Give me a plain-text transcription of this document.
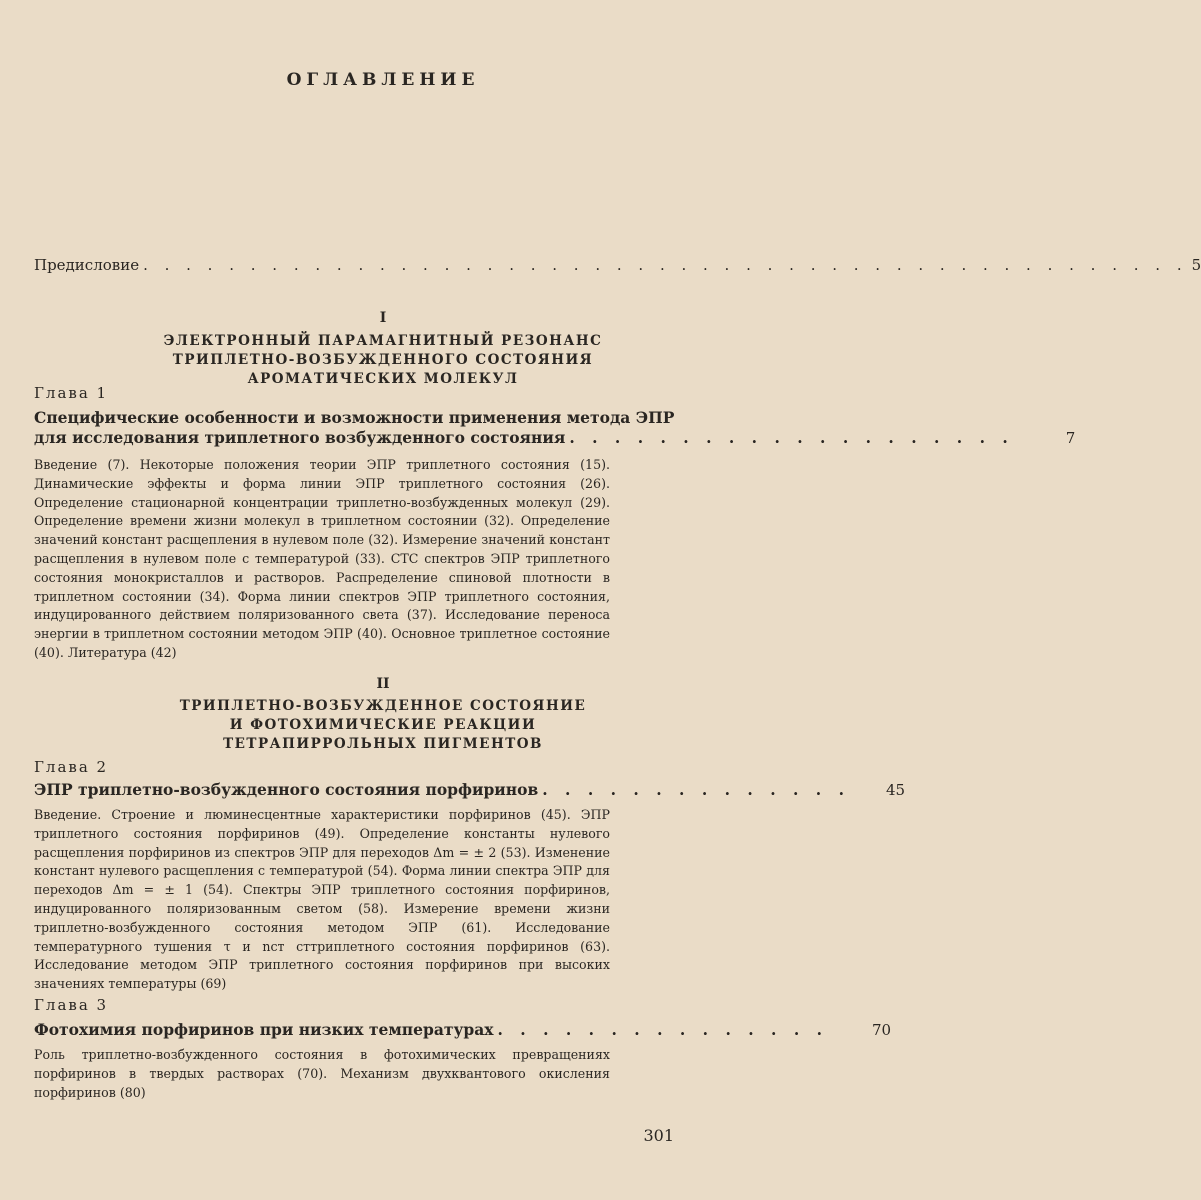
ОГЛАВЛЕНИЕ
Предисловие . . . . . . . . . . . . . . . . . . . . . . . . . . . . . . . . . . . . . . . . . . . . . . . . . 5
I
ЭЛЕКТРОННЫЙ ПАРАМАГНИТНЫЙ РЕЗОНАНС
ТРИПЛЕТНО-ВОЗБУЖДЕННОГО СОСТОЯНИЯ
АРОМАТИЧЕСКИХ МОЛЕКУЛ
Глава 1
Специфические особенности и возможности применения метода ЭПР
для исследования триплетного возбужденного состояния . . . . . . . . . . . . . . . . . . . .	7

Введение (7). Некоторые положения теории ЭПР триплетного состояния (15). Динамические эффекты и форма линии ЭПР триплетного состояния (26). Определение стационарной концентрации триплетно-возбужденных молекул (29). Определение времени жизни молекул в триплетном состоянии (32). Определение значений констант расщепления в нулевом поле (32). Измерение значений констант расщепления в нулевом поле с температурой (33). СТС спектров ЭПР триплетного состояния монокристаллов и растворов. Распределение спиновой плотности в триплетном состоянии (34). Форма линии спектров ЭПР триплетного состояния, индуцированного действием поляризованного света (37). Исследование переноса энергии в триплетном состоянии методом ЭПР (40). Основное триплетное состояние (40). Литература (42)

II
ТРИПЛЕТНО-ВОЗБУЖДЕННОЕ СОСТОЯНИЕ
И ФОТОХИМИЧЕСКИЕ РЕАКЦИИ
ТЕТРАПИРРОЛЬНЫХ ПИГМЕНТОВ
Глава 2
ЭПР триплетно-возбужденного состояния порфиринов . . . . . . . . . . . . . . 45

Введение. Строение и люминесцентные характеристики порфиринов (45). ЭПР триплетного состояния порфиринов (49). Определение константы нулевого расщепления порфиринов из спектров ЭПР для переходов Δm = ± 2 (53). Изменение констант нулевого расщепления с температурой (54). Форма линии спектра ЭПР для переходов Δm = ± 1 (54). Спектры ЭПР триплетного состояния порфиринов, индуцированного поляризованным светом (58). Измерение времени жизни триплетно-возбужденного состояния методом ЭПР (61). Исследование температурного тушения τ и nст сттриплетного состояния порфиринов (63). Исследование методом ЭПР триплетного состояния порфиринов при высоких значениях температуры (69)

Глава 3
Фотохимия порфиринов при низких температурах . . . . . . . . . . . . . . .	70

Роль триплетно-возбужденного состояния в фотохимических превращениях порфиринов в твердых растворах (70). Механизм двухквантового окисления порфиринов (80)

301
